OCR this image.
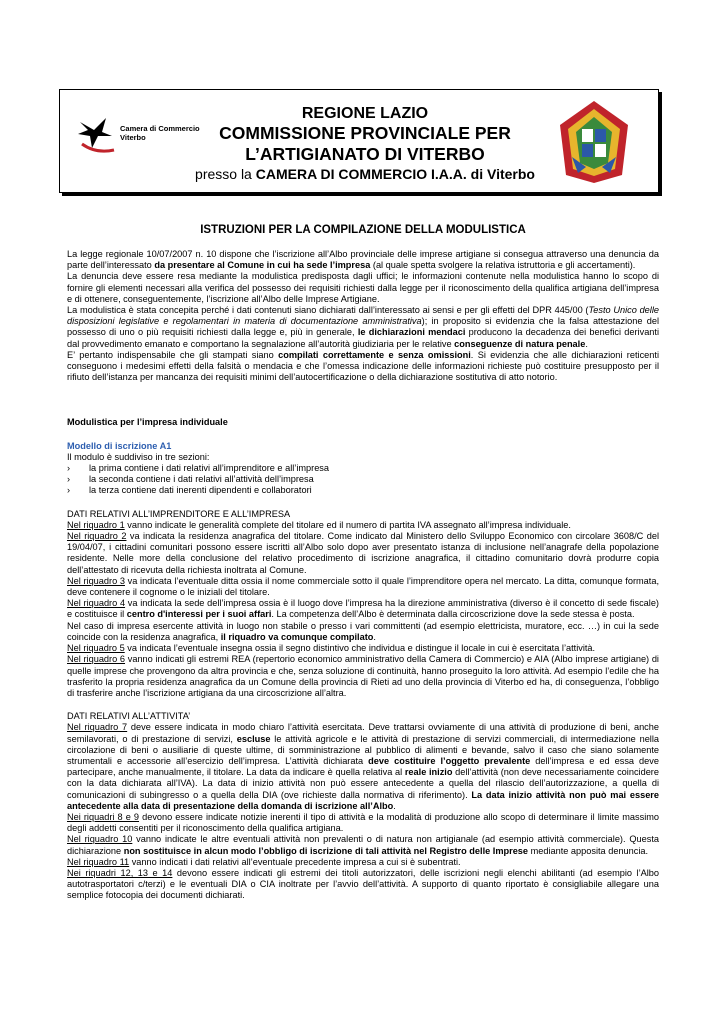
Camera di Commercio
Viterbo
REGIONE LAZIO
COMMISSIONE PROVINCIALE PER
L’ARTIGIANATO DI VITERBO
presso la CAMERA DI COMMERCIO I.A.A. di Viterbo
ISTRUZIONI PER LA COMPILAZIONE DELLA MODULISTICA

La legge regionale 10/07/2007 n. 10 dispone che l’iscrizione all’Albo provinciale delle imprese artigiane si consegua attraverso una denuncia da parte dell’interessato da presentare al Comune in cui ha sede l’impresa (al quale spetta svolgere la relativa istruttoria e gli accertamenti).

La denuncia deve essere resa mediante la modulistica predisposta dagli uffici; le informazioni contenute nella modulistica hanno lo scopo di fornire gli elementi necessari alla verifica del possesso dei requisiti richiesti dalla legge per il riconoscimento della qualifica artigiana dell’impresa e di ottenere, conseguentemente, l’iscrizione all’Albo delle Imprese Artigiane.

La modulistica è stata concepita perché i dati contenuti siano dichiarati dall’interessato ai sensi e per gli effetti del DPR 445/00 (Testo Unico delle disposizioni legislative e regolamentari in materia di documentazione amministrativa); in proposito si evidenzia che la falsa attestazione del possesso di uno o più requisiti richiesti dalla legge e, più in generale, le dichiarazioni mendaci producono la decadenza dei benefici derivanti dal provvedimento emanato e comportano la segnalazione all’autorità giudiziaria per le relative conseguenze di natura penale.

E’ pertanto indispensabile che gli stampati siano compilati correttamente e senza omissioni. Si evidenzia che alle dichiarazioni reticenti conseguono i medesimi effetti della falsità o mendacia e che l’omessa indicazione delle informazioni richieste può costituire presupposto per il rifiuto dell’istanza per mancanza dei requisiti minimi dell’autocertificazione o della dichiarazione sostitutiva di atto notorio.

Modulistica per l’impresa individuale

Modello di iscrizione A1

Il modulo è suddiviso in tre sezioni:

›	la prima contiene i dati relativi all’imprenditore e all’impresa
›	la seconda contiene i dati relativi all’attività dell’impresa
›	la terza contiene dati inerenti dipendenti e collaboratori

DATI RELATIVI ALL’IMPRENDITORE E ALL’IMPRESA

Nel riquadro 1 vanno indicate le generalità complete del titolare ed il numero di partita IVA assegnato all’impresa individuale.

Nel riquadro 2 va indicata la residenza anagrafica del titolare. Come indicato dal Ministero dello Sviluppo Economico con circolare 3608/C del 19/04/07, i cittadini comunitari possono essere iscritti all’Albo solo dopo aver presentato istanza di inclusione nell’anagrafe della popolazione residente. Nelle more della conclusione del relativo procedimento di iscrizione anagrafica, il cittadino comunitario dovrà produrre copia dell’attestato di ricevuta della richiesta inoltrata al Comune.

Nel riquadro 3 va indicata l’eventuale ditta ossia il nome commerciale sotto il quale l’imprenditore opera nel mercato. La ditta, comunque formata, deve contenere il cognome o le iniziali del titolare.

Nel riquadro 4 va indicata la sede dell’impresa ossia è il luogo dove l’impresa ha la direzione amministrativa (diverso è il concetto di sede fiscale) e costituisce il centro d'interessi per i suoi affari. La competenza dell’Albo è determinata dalla circoscrizione dove la sede stessa è posta.

Nel caso di impresa esercente attività in luogo non stabile o presso i vari committenti (ad esempio elettricista, muratore, ecc. …) in cui la sede coincide con la residenza anagrafica, il riquadro va comunque compilato.

Nel riquadro 5 va indicata l’eventuale insegna ossia il segno distintivo che individua e distingue il locale in cui è esercitata l’attività.

Nel riquadro 6 vanno indicati gli estremi REA (repertorio economico amministrativo della Camera di Commercio) e AIA (Albo imprese artigiane) di quelle imprese che provengono da altra provincia e che, senza soluzione di continuità, hanno proseguito la loro attività. Ad esempio l’edile che ha trasferito la propria residenza anagrafica da un Comune della provincia di Rieti ad uno della provincia di Viterbo ed ha, di conseguenza, l’obbligo di trasferire anche l’iscrizione artigiana da una circoscrizione all’altra.

DATI RELATIVI ALL’ATTIVITA’

Nel riquadro 7 deve essere indicata in modo chiaro l’attività esercitata. Deve trattarsi ovviamente di una attività di produzione di beni, anche semilavorati, o di prestazione di servizi, escluse le attività agricole e le attività di prestazione di servizi commerciali, di intermediazione nella circolazione di beni o ausiliarie di queste ultime, di somministrazione al pubblico di alimenti e bevande, salvo il caso che siano solamente strumentali e accessorie all’esercizio dell’impresa. L’attività dichiarata deve costituire l’oggetto prevalente dell’impresa e ed essa deve partecipare, anche manualmente, il titolare. La data da indicare è quella relativa al reale inizio dell’attività (non deve necessariamente coincidere con la data dichiarata all’IVA). La data di inizio attività non può essere antecedente a quella del rilascio dell’autorizzazione, a quella di comunicazioni di subingresso o a quella della DIA (ove richieste dalla normativa di riferimento). La data inizio attività non può mai essere antecedente alla data di presentazione della domanda di iscrizione all’Albo.

Nei riquadri 8 e 9 devono essere indicate notizie inerenti il tipo di attività e la modalità di produzione allo scopo di determinare il limite massimo degli addetti consentiti per il riconoscimento della qualifica artigiana.

Nel riquadro 10 vanno indicate le altre eventuali attività non prevalenti o di natura non artigianale (ad esempio attività commerciale). Questa dichiarazione non sostituisce in alcun modo l’obbligo di iscrizione di tali attività nel Registro delle Imprese mediante apposita denuncia.

Nel riquadro 11 vanno indicati i dati relativi all’eventuale precedente impresa a cui si è subentrati.

Nei riquadri 12, 13 e 14 devono essere indicati gli estremi dei titoli autorizzatori, delle iscrizioni negli elenchi abilitanti (ad esempio l’Albo autotrasportatori c/terzi) e le eventuali DIA o CIA inoltrate per l’avvio dell’attività. A supporto di quanto riportato è consigliabile allegare una semplice fotocopia dei documenti dichiarati.
